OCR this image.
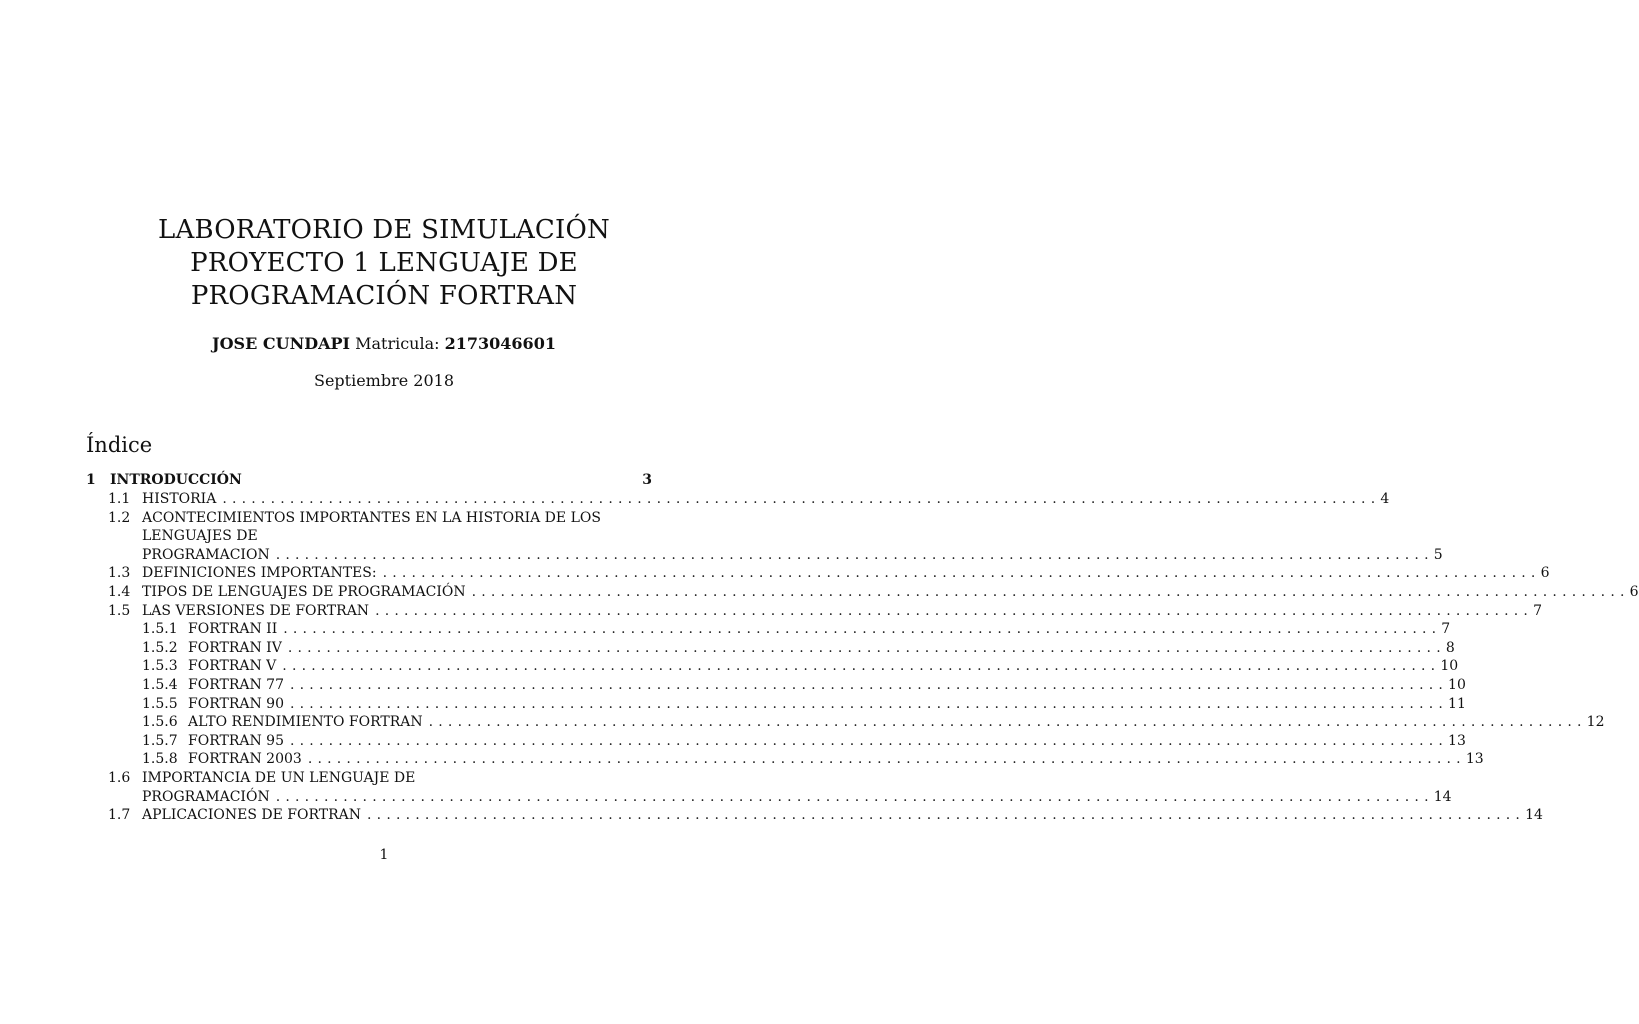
LABORATORIO DE SIMULACIÓN
PROYECTO 1 LENGUAJE DE
PROGRAMACIÓN FORTRAN
JOSE CUNDAPI Matricula: 2173046601
Septiembre 2018
Índice
1 INTRODUCCIÓN	3
1.1 HISTORIA ........................................................................................................................ 4
1.2 ACONTECIMIENTOS IMPORTANTES EN LA HISTORIA DE LOS
LENGUAJES DE
PROGRAMACION ........................................................................................................................ 5
1.3 DEFINICIONES IMPORTANTES: ........................................................................................................................ 6
1.4 TIPOS DE LENGUAJES DE PROGRAMACIÓN ........................................................................................................................ 6
1.5 LAS VERSIONES DE FORTRAN ........................................................................................................................ 7
1.5.1 FORTRAN II ........................................................................................................................ 7
1.5.2 FORTRAN IV ........................................................................................................................ 8
1.5.3 FORTRAN V ........................................................................................................................ 10
1.5.4 FORTRAN 77 ........................................................................................................................ 10
1.5.5 FORTRAN 90 ........................................................................................................................ 11
1.5.6 ALTO RENDIMIENTO FORTRAN ........................................................................................................................ 12
1.5.7 FORTRAN 95 ........................................................................................................................ 13
1.5.8 FORTRAN 2003 ........................................................................................................................ 13
1.6 IMPORTANCIA DE UN LENGUAJE DE
PROGRAMACIÓN ........................................................................................................................ 14
1.7 APLICACIONES DE FORTRAN ........................................................................................................................ 14
1
